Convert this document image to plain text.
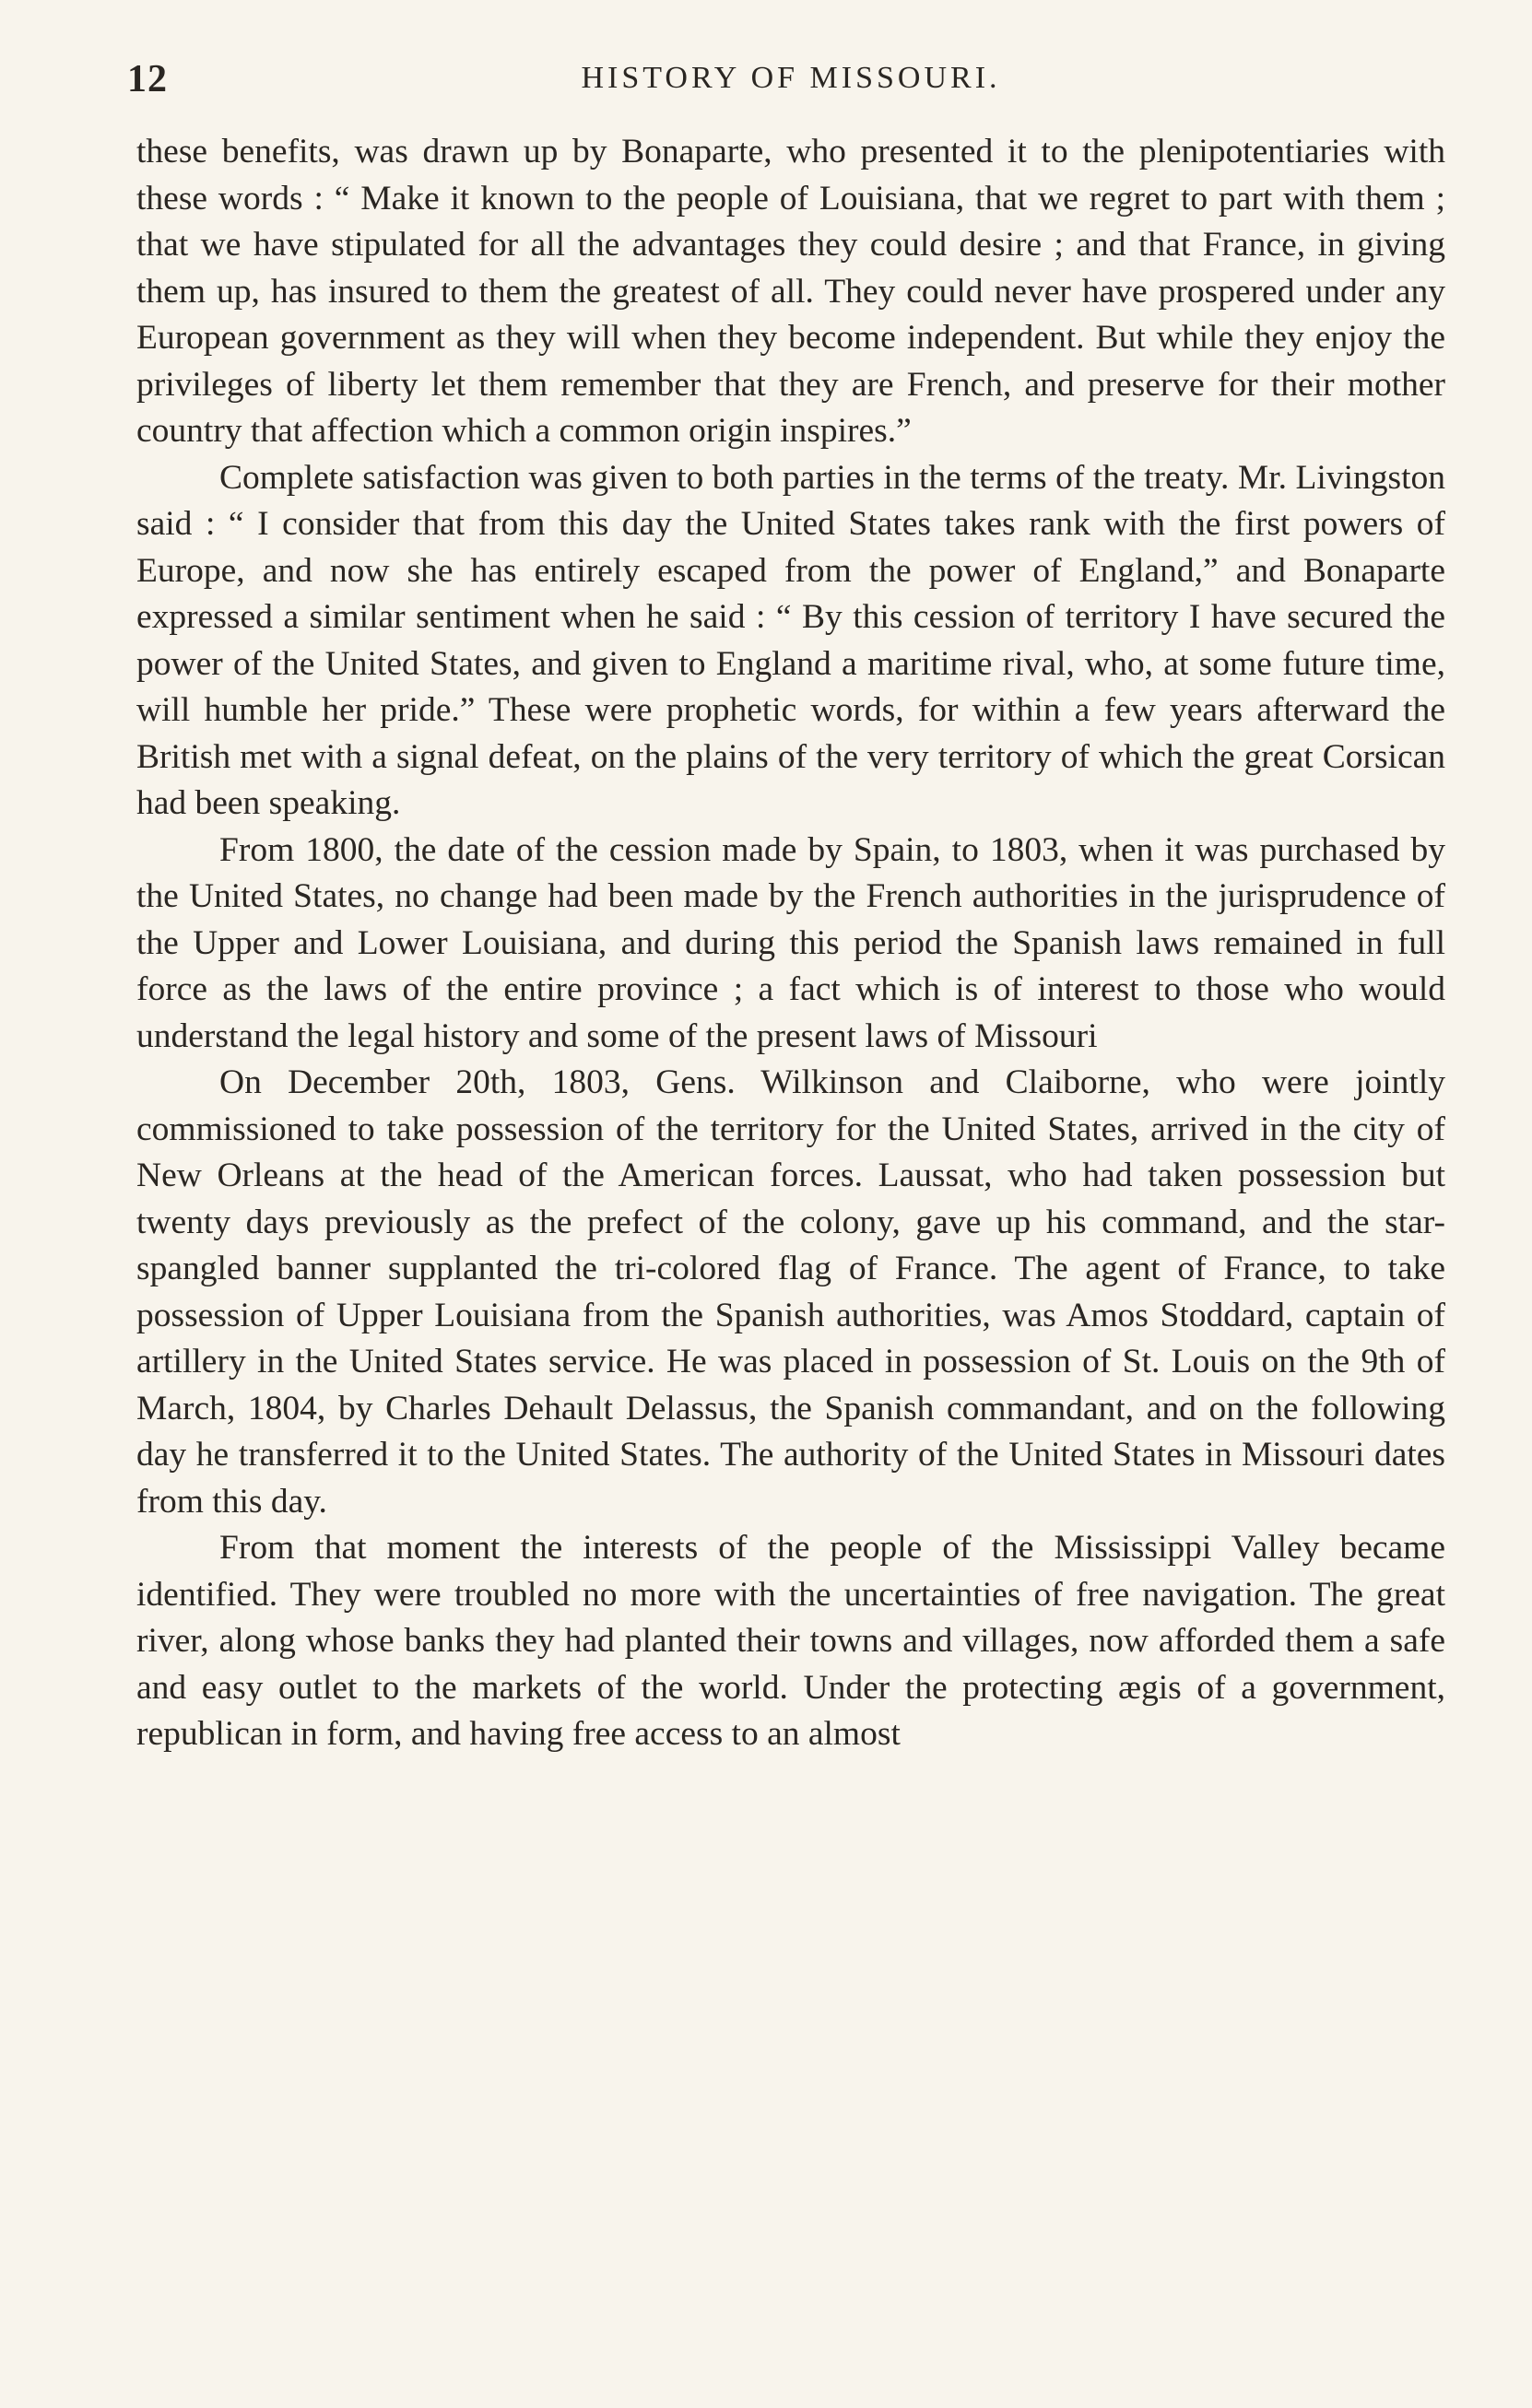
12	HISTORY OF MISSOURI.

these benefits, was drawn up by Bonaparte, who presented it to the plenipotentiaries with these words : “ Make it known to the people of Louisiana, that we regret to part with them ; that we have stipulated for all the advantages they could desire ; and that France, in giving them up, has insured to them the greatest of all. They could never have prospered under any European government as they will when they become independent. But while they enjoy the privileges of liberty let them remember that they are French, and preserve for their mother country that affection which a common origin inspires.”

Complete satisfaction was given to both parties in the terms of the treaty. Mr. Livingston said : “ I consider that from this day the United States takes rank with the first powers of Europe, and now she has entirely escaped from the power of England,” and Bonaparte expressed a similar sentiment when he said : “ By this cession of territory I have secured the power of the United States, and given to England a maritime rival, who, at some future time, will humble her pride.” These were prophetic words, for within a few years afterward the British met with a signal defeat, on the plains of the very territory of which the great Corsican had been speaking.

From 1800, the date of the cession made by Spain, to 1803, when it was purchased by the United States, no change had been made by the French authorities in the jurisprudence of the Upper and Lower Louisiana, and during this period the Spanish laws remained in full force as the laws of the entire province ; a fact which is of interest to those who would understand the legal history and some of the present laws of Missouri

On December 20th, 1803, Gens. Wilkinson and Claiborne, who were jointly commissioned to take possession of the territory for the United States, arrived in the city of New Orleans at the head of the American forces. Laussat, who had taken possession but twenty days previously as the prefect of the colony, gave up his command, and the star-spangled banner supplanted the tri-colored flag of France. The agent of France, to take possession of Upper Louisiana from the Spanish authorities, was Amos Stoddard, captain of artillery in the United States service. He was placed in possession of St. Louis on the 9th of March, 1804, by Charles Dehault Delassus, the Spanish commandant, and on the following day he transferred it to the United States. The authority of the United States in Missouri dates from this day.

From that moment the interests of the people of the Mississippi Valley became identified. They were troubled no more with the uncertainties of free navigation. The great river, along whose banks they had planted their towns and villages, now afforded them a safe and easy outlet to the markets of the world. Under the protecting ægis of a government, republican in form, and having free access to an almost
